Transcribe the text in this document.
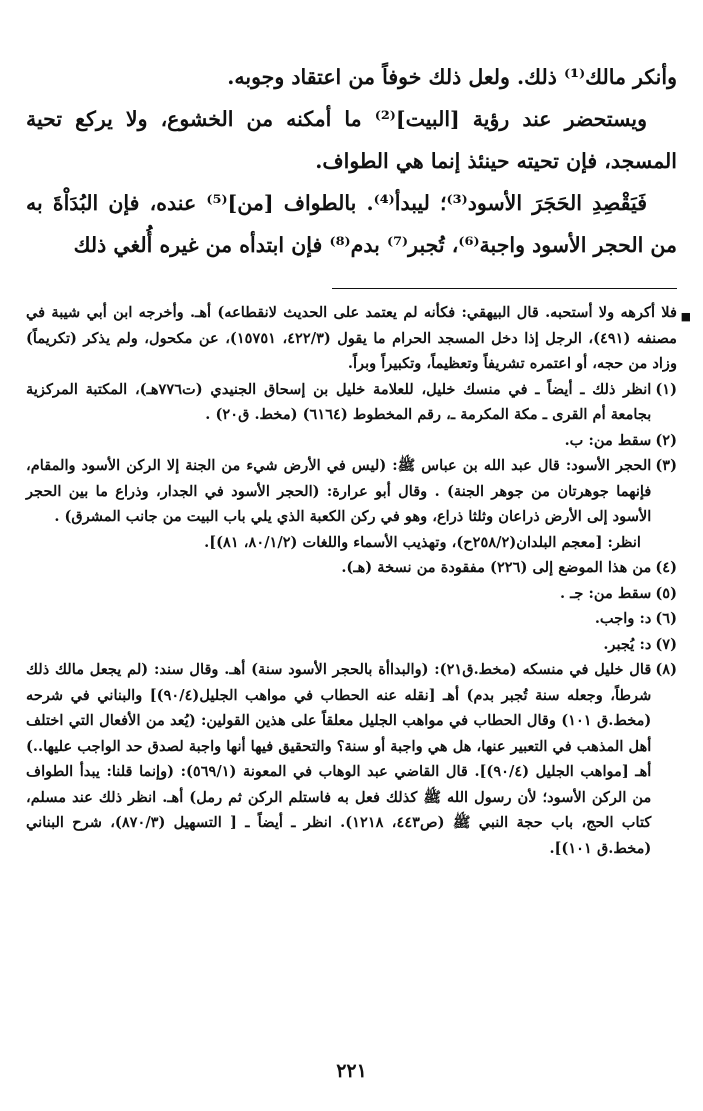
وأنكر مالك⁽¹⁾ ذلك. ولعل ذلك خوفاً من اعتقاد وجوبه.

ويستحضر عند رؤية [البيت]⁽²⁾ ما أمكنه من الخشوع، ولا يركع تحية المسجد، فإن تحيته حينئذ إنما هي الطواف.

فَيَقْصِدِ الحَجَرَ الأسود⁽³⁾؛ ليبدأ⁽⁴⁾. بالطواف [من]⁽⁵⁾ عنده، فإن البُدَاْةَ به من الحجر الأسود واجبة⁽⁶⁾، تُجبر⁽⁷⁾ بدم⁽⁸⁾ فإن ابتدأه من غيره أُلغي ذلك

■
فلا أكرهه ولا أستحبه. قال البيهقي: فكأنه لم يعتمد على الحديث لانقطاعه) أهـ. وأخرجه ابن أبي شيبة في مصنفه (٤٩١)، الرجل إذا دخل المسجد الحرام ما يقول (٤٢٢/٣، ١٥٧٥١)، عن مكحول، ولم يذكر (تكريماً) وزاد من حجه، أو اعتمره تشريفاً وتعظيماً، وتكبيراً وبراً.
(١)
انظر ذلك ـ أيضاً ـ في منسك خليل، للعلامة خليل بن إسحاق الجنيدي (ت٧٧٦هـ)، المكتبة المركزية بجامعة أم القرى ـ مكة المكرمة ـ، رقم المخطوط (٦١٦٤) (مخط. ق٢٠) .
(٢)
سقط من: ب.
(٣)
الحجر الأسود: قال عبد الله بن عباس ﷺ: (ليس في الأرض شيء من الجنة إلا الركن الأسود والمقام، فإنهما جوهرتان من جوهر الجنة) . وقال أبو عرارة: (الحجر الأسود في الجدار، وذراع ما بين الحجر الأسود إلى الأرض ذراعان وثلثا ذراع، وهو في ركن الكعبة الذي يلي باب البيت من جانب المشرق) .
انظر: [معجم البلدان(٢٥٨/٢ح)، وتهذيب الأسماء واللغات (٨٠/١/٢، ٨١)].
(٤)
من هذا الموضع إلى (٢٢٦) مفقودة من نسخة (هـ).
(٥)
سقط من: جـ .
(٦)
د: واجب.
(٧)
د: يُجبر.
(٨)
قال خليل في منسكه (مخط.ق٢١): (والبداأة بالحجر الأسود سنة) أهـ. وقال سند: (لم يجعل مالك ذلك شرطاً، وجعله سنة تُجبر بدم) أهـ [نقله عنه الحطاب في مواهب الجليل(٩٠/٤)] والبناني في شرحه (مخط.ق ١٠١) وقال الحطاب في مواهب الجليل معلقاً على هذين القولين: (يُعد من الأفعال التي اختلف أهل المذهب في التعبير عنها، هل هي واجبة أو سنة؟ والتحقيق فيها أنها واجبة لصدق حد الواجب عليها..) أهـ [مواهب الجليل (٩٠/٤)]. قال القاضي عبد الوهاب في المعونة (٥٦٩/١): (وإنما قلنا: يبدأ الطواف من الركن الأسود؛ لأن رسول الله ﷺ كذلك فعل به فاستلم الركن ثم رمل) أهـ. انظر ذلك عند مسلم، كتاب الحج، باب حجة النبي ﷺ (ص٤٤٣، ١٢١٨). انظر ـ أيضاً ـ [ التسهيل (٨٧٠/٣)، شرح البناني (مخط.ق ١٠١)].
٢٢١
